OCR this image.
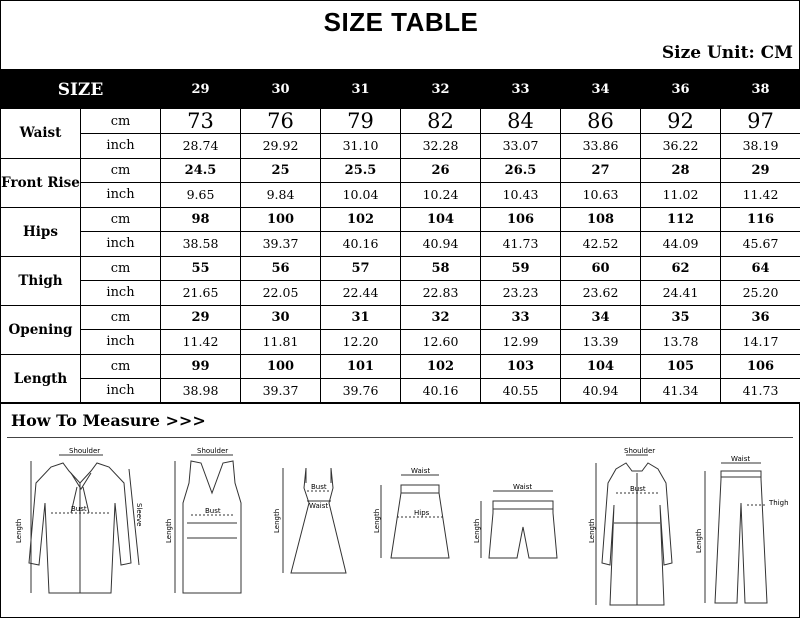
SIZE TABLE
Size Unit: CM
SIZE		29	30	31	32	33	34	36	38
Waist	cm	73	76	79	82	84	86	92	97
	inch	28.74	29.92	31.10	32.28	33.07	33.86	36.22	38.19
Front Rise	cm	24.5	25	25.5	26	26.5	27	28	29
	inch	9.65	9.84	10.04	10.24	10.43	10.63	11.02	11.42
Hips	cm	98	100	102	104	106	108	112	116
	inch	38.58	39.37	40.16	40.94	41.73	42.52	44.09	45.67
Thigh	cm	55	56	57	58	59	60	62	64
	inch	21.65	22.05	22.44	22.83	23.23	23.62	24.41	25.20
Opening	cm	29	30	31	32	33	34	35	36
	inch	11.42	11.81	12.20	12.60	12.99	13.39	13.78	14.17
Length	cm	99	100	101	102	103	104	105	106
	inch	38.98	39.37	39.76	40.16	40.55	40.94	41.34	41.73
How To Measure >>>
Shoulder
Bust
Length
Sleeve
Shoulder
Bust
Length
Bust
Waist
Length
Waist
Hips
Length
Waist
Length
Shoulder
Bust
Length
Waist
Thigh
Length
